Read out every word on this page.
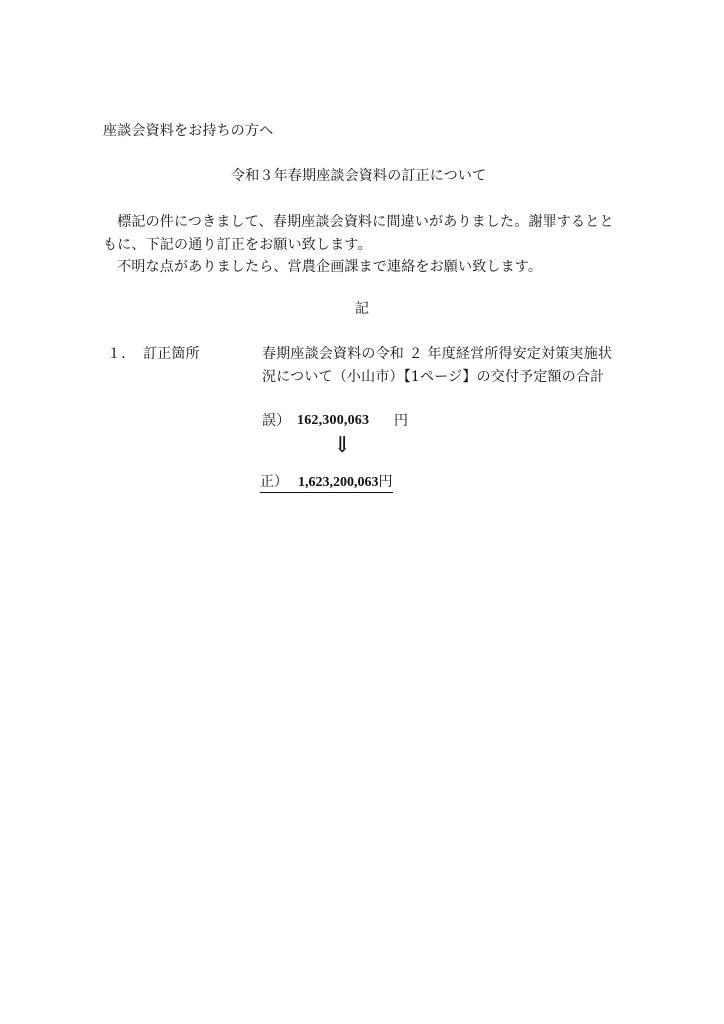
座談会資料をお持ちの方へ
令和３年春期座談会資料の訂正について
　標記の件につきまして、春期座談会資料に間違いがありました。謝罪するとと
もに、下記の通り訂正をお願い致します。
　不明な点がありましたら、営農企画課まで連絡をお願い致します。
記
１． 訂正箇所	春期座談会資料の令和 ２ 年度経営所得安定対策実施状
況について（小山市）【1ページ】の交付予定額の合計
誤） 162,300,063 円
⇓
正） 1,623,200,063円
